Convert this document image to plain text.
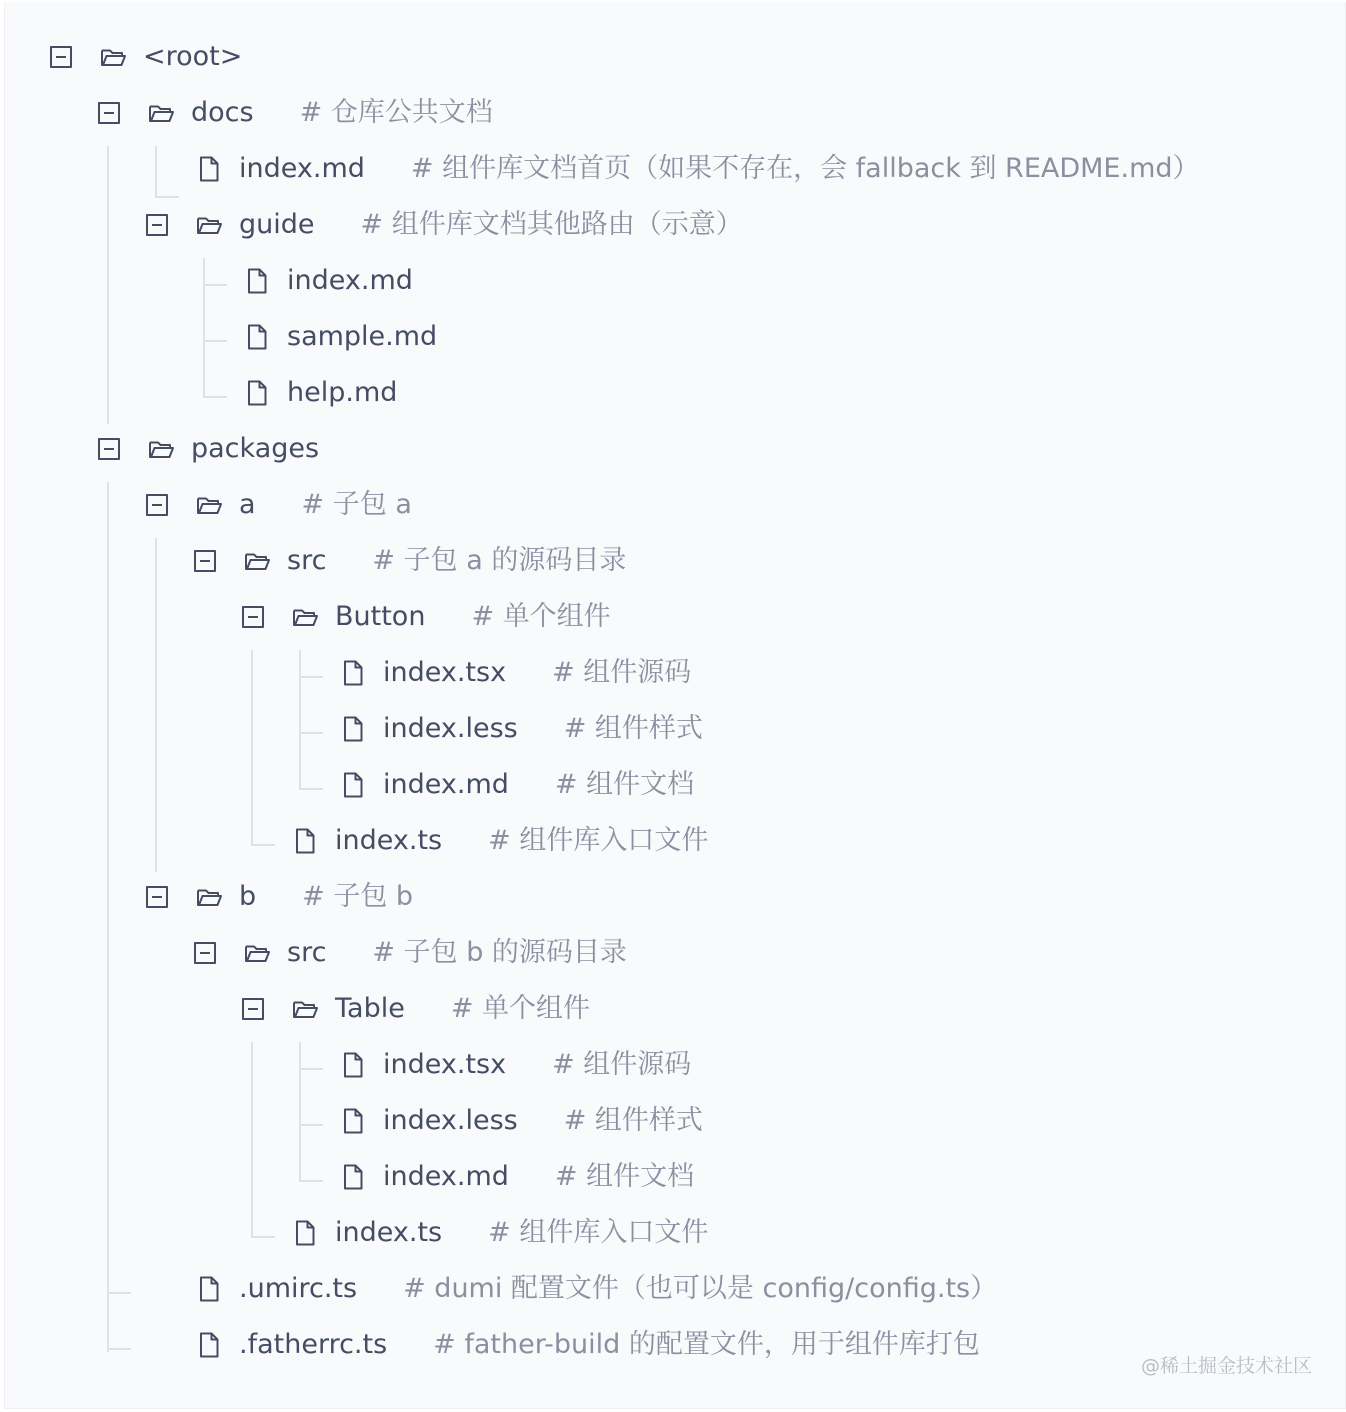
<root>
docs # 仓库公共文档
index.md # 组件库文档首页（如果不存在，会 fallback 到 README.md）
guide # 组件库文档其他路由（示意）
index.md
sample.md
help.md
packages
a # 子包 a
src # 子包 a 的源码目录
Button # 单个组件
index.tsx # 组件源码
index.less # 组件样式
index.md # 组件文档
index.ts # 组件库入口文件
b # 子包 b
src # 子包 b 的源码目录
Table # 单个组件
index.tsx # 组件源码
index.less # 组件样式
index.md # 组件文档
index.ts # 组件库入口文件
.umirc.ts # dumi 配置文件（也可以是 config/config.ts）
.fatherrc.ts # father-build 的配置文件，用于组件库打包
@稀土掘金技术社区
